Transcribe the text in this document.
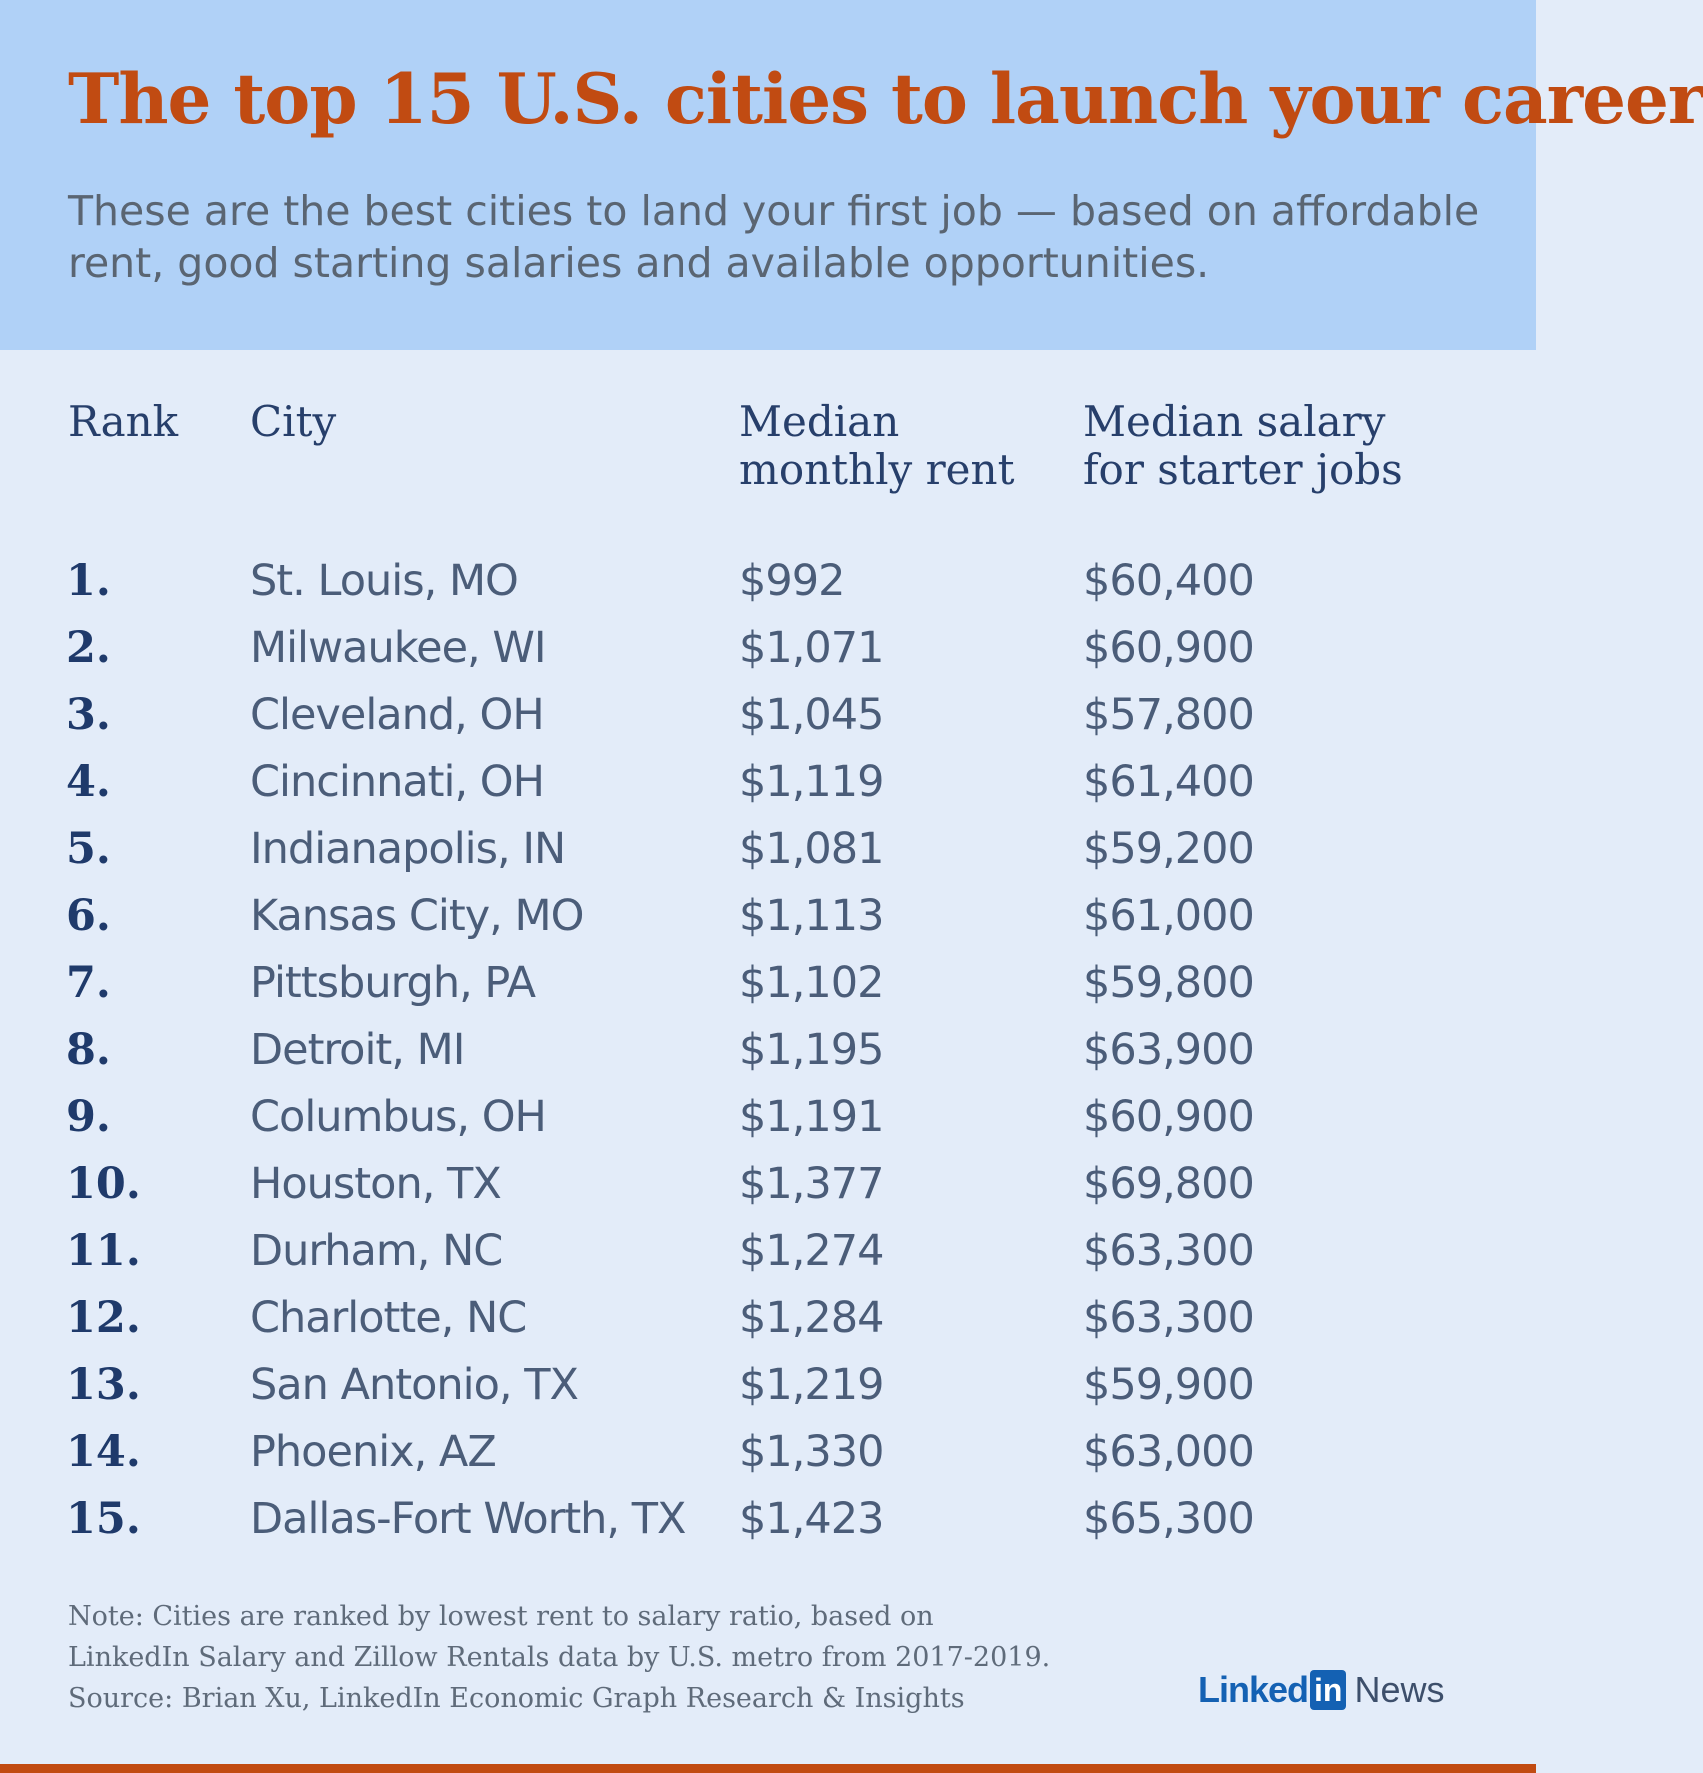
The top 15 U.S. cities to launch your career
These are the best cities to land your first job — based on affordable rent, good starting salaries and available opportunities.
Rank City	Median
monthly rent
Median salary
for starter jobs
1.	St. Louis, MO	$992	$60,400
2.	Milwaukee, WI	$1,071	$60,900
3.	Cleveland, OH	$1,045	$57,800
4.	Cincinnati, OH	$1,119	$61,400
5.	Indianapolis, IN	$1,081	$59,200
6.	Kansas City, MO	$1,113	$61,000
7.	Pittsburgh, PA	$1,102	$59,800
8.	Detroit, MI	$1,195	$63,900
9.	Columbus, OH	$1,191	$60,900
10.	Houston, TX	$1,377	$69,800
11.	Durham, NC	$1,274	$63,300
12.	Charlotte, NC	$1,284	$63,300
13.	San Antonio, TX	$1,219	$59,900
14.	Phoenix, AZ	$1,330	$63,000
15.	Dallas-Fort Worth, TX $1,423	$65,300
Note: Cities are ranked by lowest rent to salary ratio, based on
LinkedIn Salary and Zillow Rentals data by U.S. metro from 2017-2019.
Source: Brian Xu, LinkedIn Economic Graph Research & Insights	Linked in News
